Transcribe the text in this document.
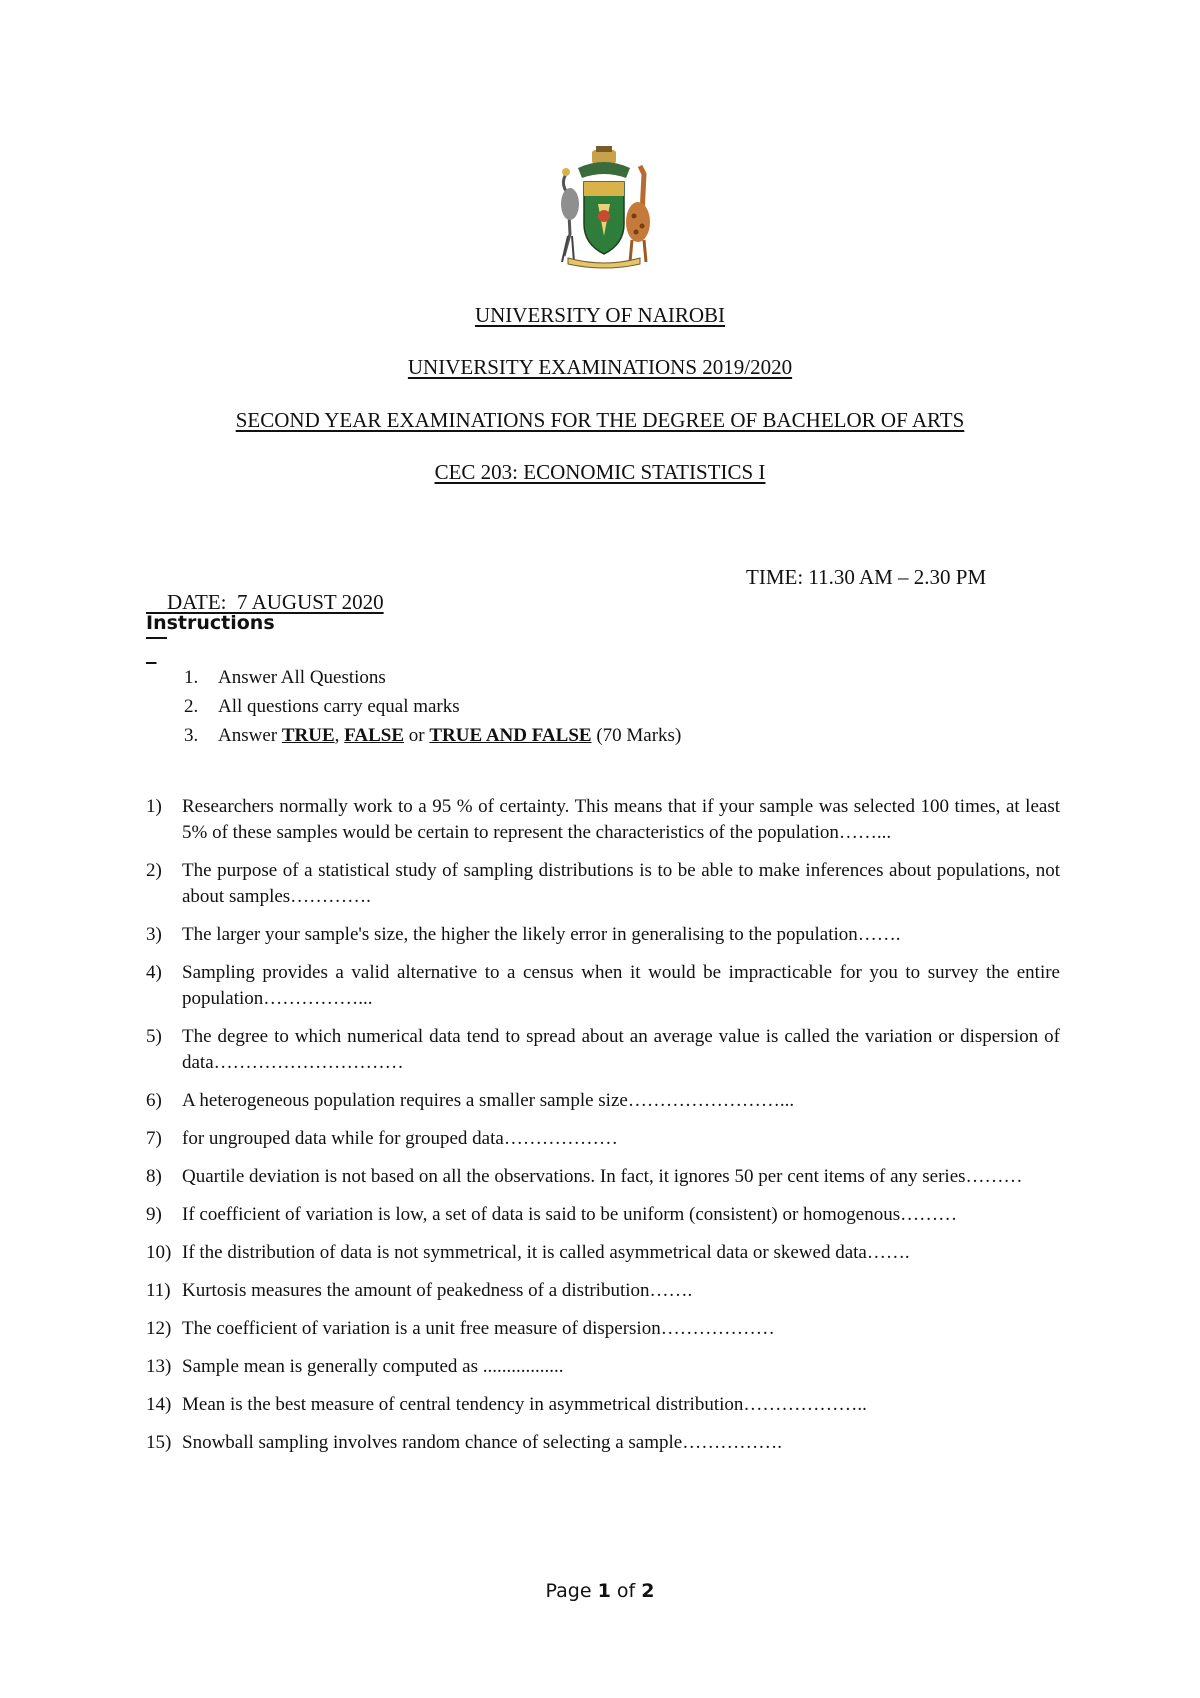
UNIVERSITY OF NAIROBI
UNIVERSITY EXAMINATIONS 2019/2020
SECOND YEAR EXAMINATIONS FOR THE DEGREE OF BACHELOR OF ARTS
CEC 203: ECONOMIC STATISTICS I

DATE:  7 AUGUST 2020

TIME: 11.30 AM – 2.30 PM

Instructions
1. Answer All Questions
2. All questions carry equal marks
3. Answer TRUE, FALSE or TRUE AND FALSE (70 Marks)
1) Researchers normally work to a 95 % of certainty. This means that if your sample was selected 100 times, at least 5% of these samples would be certain to represent the characteristics of the population……...
2) The purpose of a statistical study of sampling distributions is to be able to make inferences about populations, not about samples………….
3) The larger your sample's size, the higher the likely error in generalising to the population…….
4) Sampling provides a valid alternative to a census when it would be impracticable for you to survey the entire population……………...
5) The degree to which numerical data tend to spread about an average value is called the variation or dispersion of data…………………………
6) A heterogeneous population requires a smaller sample size……………………...
7) for ungrouped data while for grouped data………………
8) Quartile deviation is not based on all the observations. In fact, it ignores 50 per cent items of any series………
9) If coefficient of variation is low, a set of data is said to be uniform (consistent) or homogenous………
10) If the distribution of data is not symmetrical, it is called asymmetrical data or skewed data…….
11) Kurtosis measures the amount of peakedness of a distribution…….
12) The coefficient of variation is a unit free measure of dispersion………………
13) Sample mean is generally computed as .................
14) Mean is the best measure of central tendency in asymmetrical distribution………………..
15) Snowball sampling involves random chance of selecting a sample…………….
Page 1 of 2
